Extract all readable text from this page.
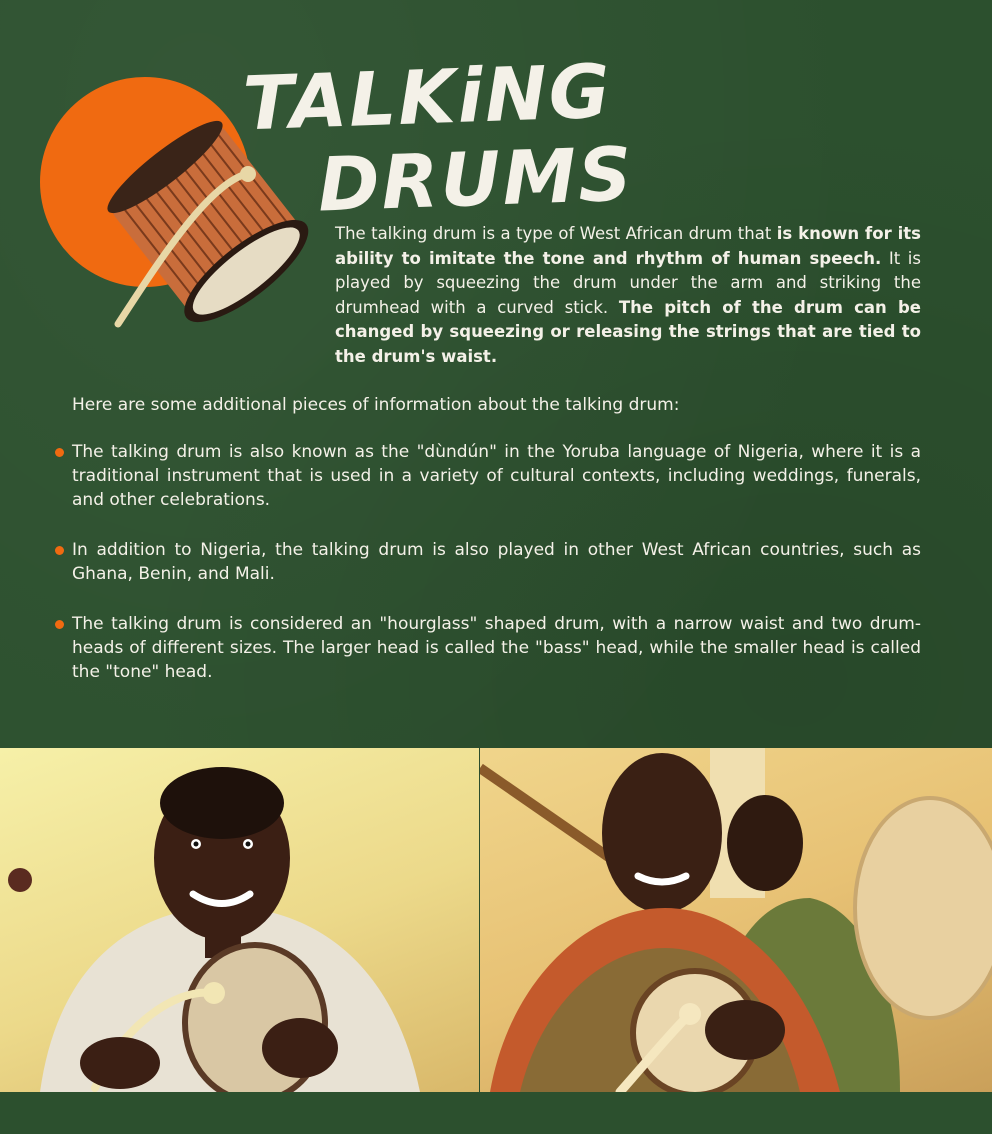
TALKiNG
DRUMS

The talking drum is a type of West African drum that is known for its ability to imitate the tone and rhythm of human speech. It is played by squeezing the drum under the arm and striking the drumhead with a curved stick. The pitch of the drum can be changed by squeezing or releasing the strings that are tied to the drum's waist.

Here are some additional pieces of information about the talking drum:

The talking drum is also known as the "dùndún" in the Yoruba language of Nigeria, where it is a traditional instrument that is used in a variety of cultural contexts, including weddings, funerals, and other celebrations.
In addition to Nigeria, the talking drum is also played in other West African countries, such as Ghana, Benin, and Mali.
The talking drum is considered an "hourglass" shaped drum, with a narrow waist and two drum-heads of different sizes. The larger head is called the "bass" head, while the smaller head is called the "tone" head.
